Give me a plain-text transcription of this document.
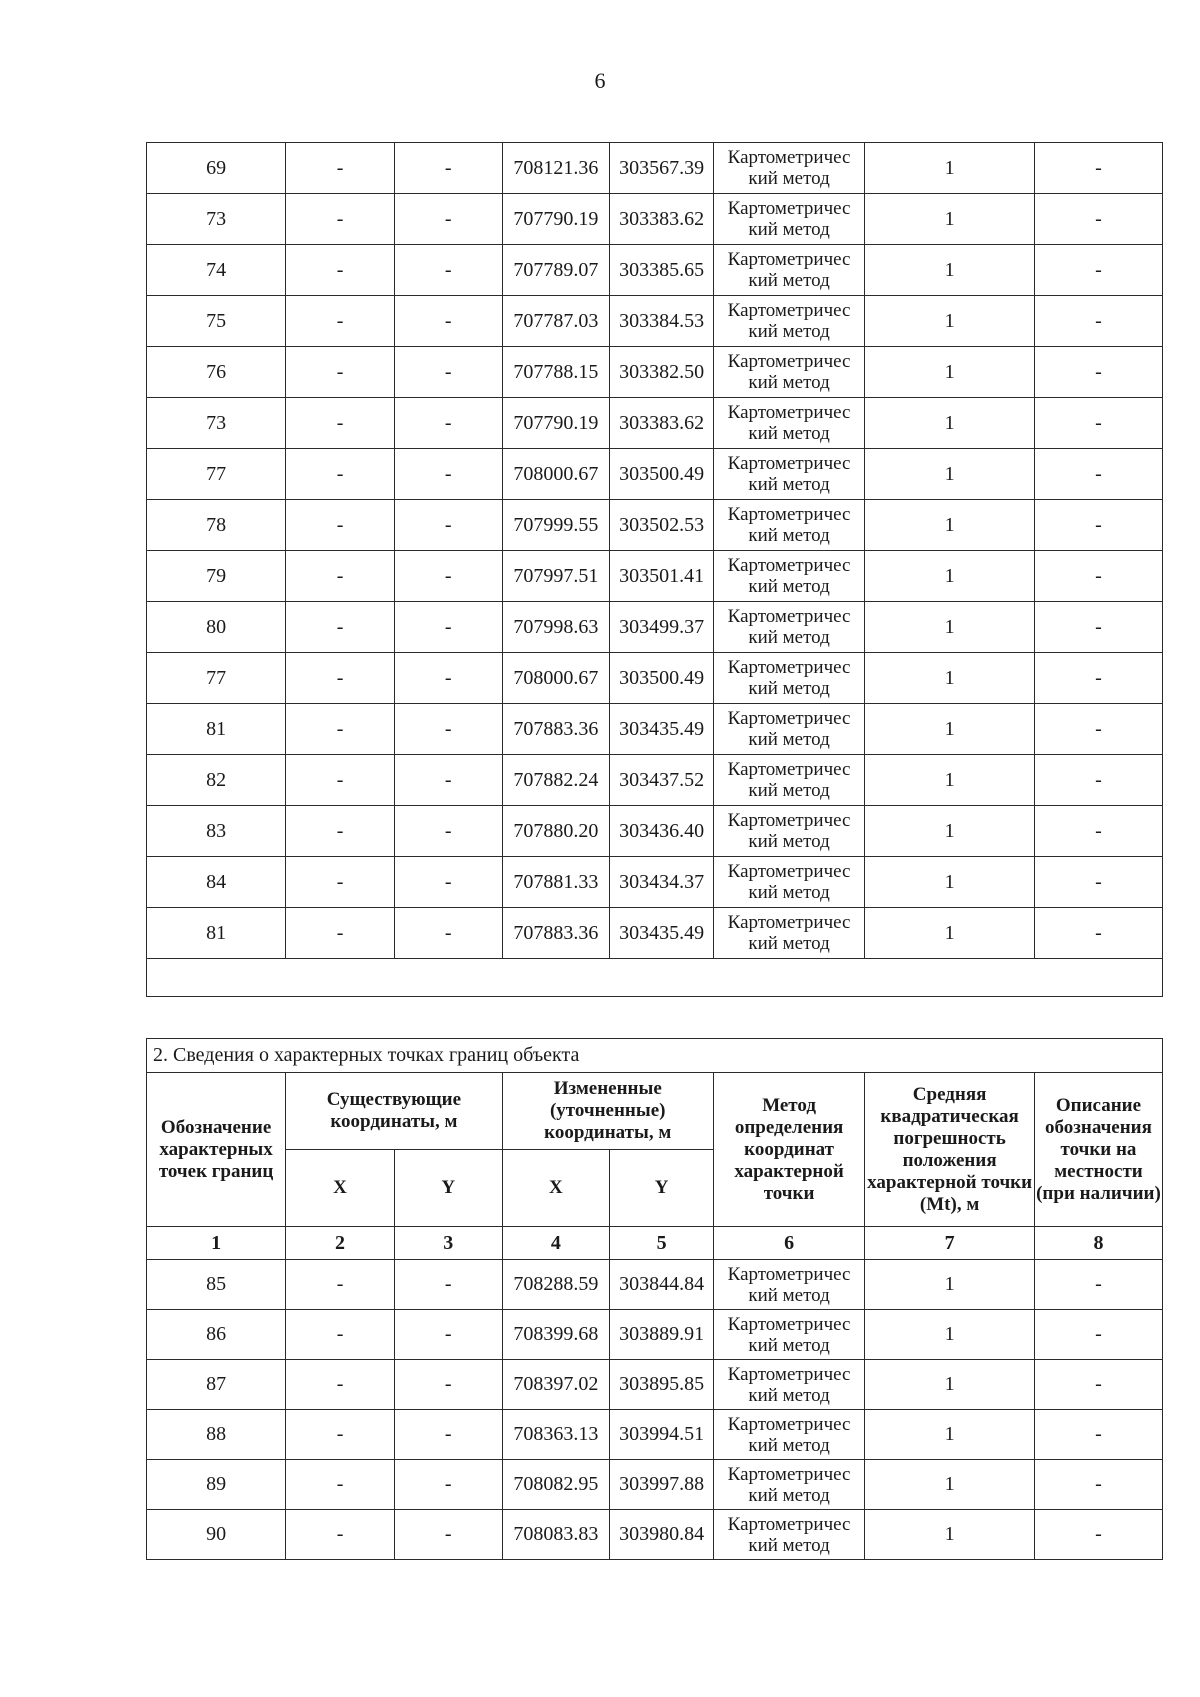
6
69	-	-	708121.36	303567.39	Картометричес кий метод	1	-
73	-	-	707790.19	303383.62	Картометричес кий метод	1	-
74	-	-	707789.07	303385.65	Картометричес кий метод	1	-
75	-	-	707787.03	303384.53	Картометричес кий метод	1	-
76	-	-	707788.15	303382.50	Картометричес кий метод	1	-
73	-	-	707790.19	303383.62	Картометричес кий метод	1	-
77	-	-	708000.67	303500.49	Картометричес кий метод	1	-
78	-	-	707999.55	303502.53	Картометричес кий метод	1	-
79	-	-	707997.51	303501.41	Картометричес кий метод	1	-
80	-	-	707998.63	303499.37	Картометричес кий метод	1	-
77	-	-	708000.67	303500.49	Картометричес кий метод	1	-
81	-	-	707883.36	303435.49	Картометричес кий метод	1	-
82	-	-	707882.24	303437.52	Картометричес кий метод	1	-
83	-	-	707880.20	303436.40	Картометричес кий метод	1	-
84	-	-	707881.33	303434.37	Картометричес кий метод	1	-
81	-	-	707883.36	303435.49	Картометричес кий метод	1	-

2. Сведения о характерных точках границ объекта							
Обозначение характерных точек границ	Существующие координаты, м		Измененные (уточненные) координаты, м		Метод определения координат характерной точки	Средняя квадратическая погрешность положения характерной точки (Mt), м	Описание обозначения точки на местности (при наличии)
	X	Y	X	Y			
1	2	3	4	5	6	7	8
85	-	-	708288.59	303844.84	Картометричес кий метод	1	-
86	-	-	708399.68	303889.91	Картометричес кий метод	1	-
87	-	-	708397.02	303895.85	Картометричес кий метод	1	-
88	-	-	708363.13	303994.51	Картометричес кий метод	1	-
89	-	-	708082.95	303997.88	Картометричес кий метод	1	-
90	-	-	708083.83	303980.84	Картометричес кий метод	1	-
